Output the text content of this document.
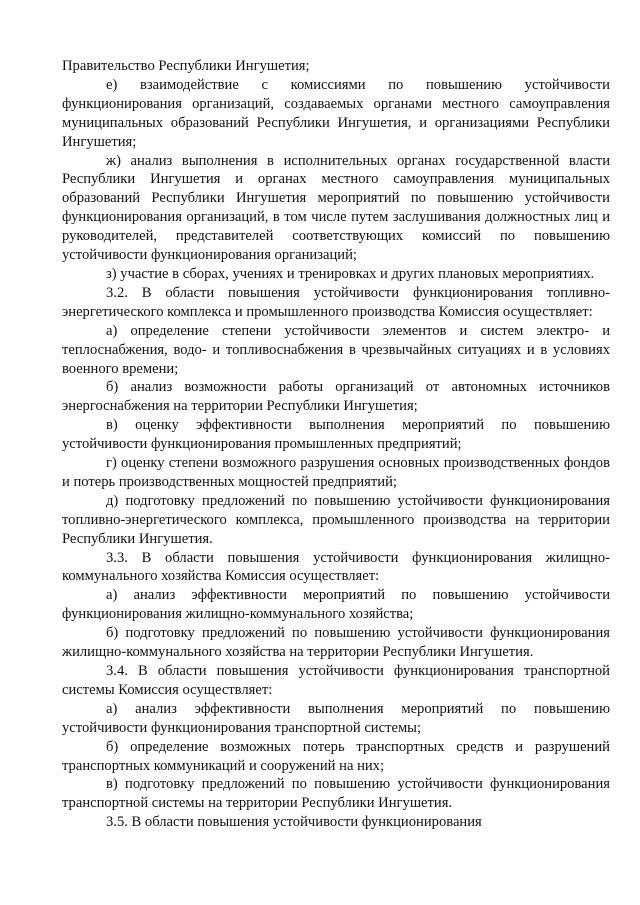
Правительство Республики Ингушетия;

е) взаимодействие с комиссиями по повышению устойчивости функционирования организаций, создаваемых органами местного самоуправления муниципальных образований Республики Ингушетия, и организациями Республики Ингушетия;

ж) анализ выполнения в исполнительных органах государственной власти Республики Ингушетия и органах местного самоуправления муниципальных образований Республики Ингушетия мероприятий по повышению устойчивости функционирования организаций, в том числе путем заслушивания должностных лиц и руководителей, представителей соответствующих комиссий по повышению устойчивости функционирования организаций;

з) участие в сборах, учениях и тренировках и других плановых мероприятиях.

3.2. В области повышения устойчивости функционирования топливно-энергетического комплекса и промышленного производства Комиссия осуществляет:

а) определение степени устойчивости элементов и систем электро- и теплоснабжения, водо- и топливоснабжения в чрезвычайных ситуациях и в условиях военного времени;

б) анализ возможности работы организаций от автономных источников энергоснабжения на территории Республики Ингушетия;

в) оценку эффективности выполнения мероприятий по повышению устойчивости функционирования промышленных предприятий;

г) оценку степени возможного разрушения основных производственных фондов и потерь производственных мощностей предприятий;

д) подготовку предложений по повышению устойчивости функционирования топливно-энергетического комплекса, промышленного производства на территории Республики Ингушетия.

3.3. В области повышения устойчивости функционирования жилищно-коммунального хозяйства Комиссия осуществляет:

а) анализ эффективности мероприятий по повышению устойчивости функционирования жилищно-коммунального хозяйства;

б) подготовку предложений по повышению устойчивости функционирования жилищно-коммунального хозяйства на территории Республики Ингушетия.

3.4. В области повышения устойчивости функционирования транспортной системы Комиссия осуществляет:

а) анализ эффективности выполнения мероприятий по повышению устойчивости функционирования транспортной системы;

б) определение возможных потерь транспортных средств и разрушений транспортных коммуникаций и сооружений на них;

в) подготовку предложений по повышению устойчивости функционирования транспортной системы на территории Республики Ингушетия.

3.5. В области повышения устойчивости функционирования
